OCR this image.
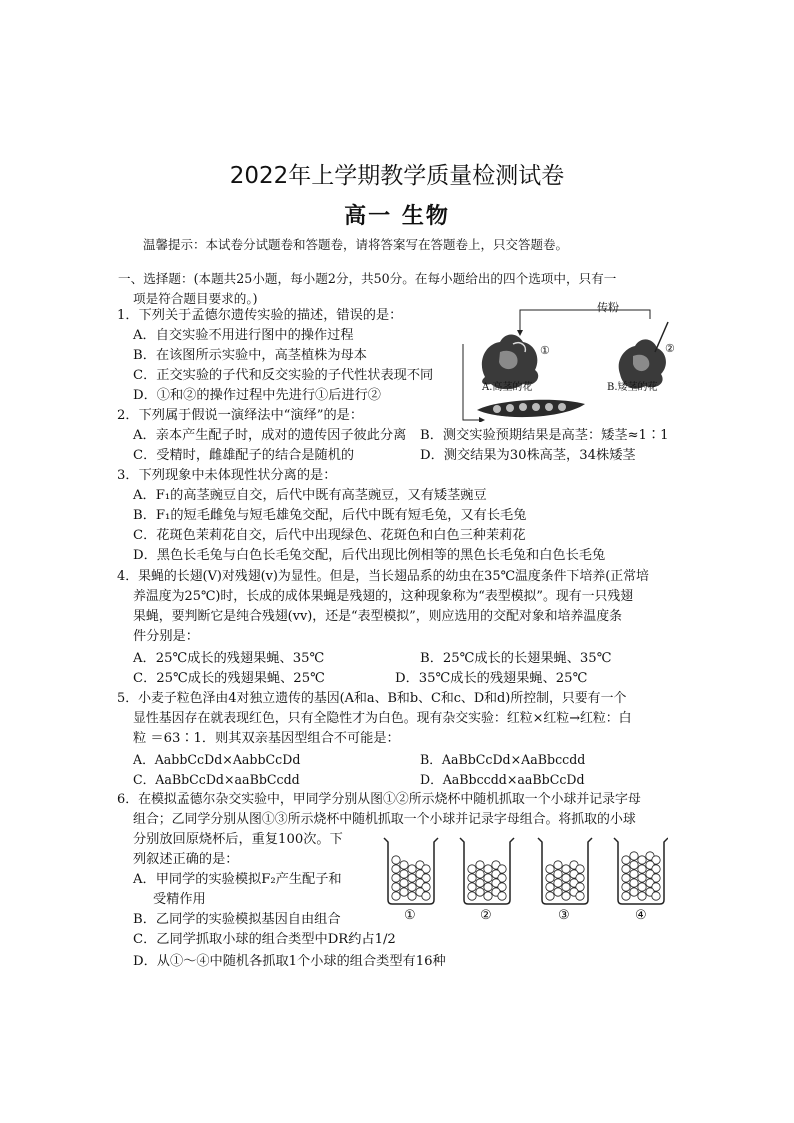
2022年上学期教学质量检测试卷
高一 生物
温馨提示：本试卷分试题卷和答题卷，请将答案写在答题卷上，只交答题卷。
一、选择题：(本题共25小题，每小题2分，共50分。在每小题给出的四个选项中，只有一
项是符合题目要求的。)
1．下列关于孟德尔遗传实验的描述，错误的是：
A．自交实验不用进行图中的操作过程
B．在该图所示实验中，高茎植株为母本
C．正交实验的子代和反交实验的子代性状表现不同
D．①和②的操作过程中先进行①后进行②
传粉
①	②
A.高茎的花	B.矮茎的花
2．下列属于假说一演绎法中“演绎”的是：
A．亲本产生配子时，成对的遗传因子彼此分离 B．测交实验预期结果是高茎：矮茎≈1∶1
C．受精时，雌雄配子的结合是随机的	D．测交结果为30株高茎，34株矮茎
3．下列现象中未体现性状分离的是：
A．F₁的高茎豌豆自交，后代中既有高茎豌豆，又有矮茎豌豆
B．F₁的短毛雌兔与短毛雄兔交配，后代中既有短毛兔，又有长毛兔
C．花斑色茉莉花自交，后代中出现绿色、花斑色和白色三种茉莉花
D．黑色长毛兔与白色长毛兔交配，后代出现比例相等的黑色长毛兔和白色长毛兔
4．果蝇的长翅(V)对残翅(v)为显性。但是，当长翅品系的幼虫在35℃温度条件下培养(正常培
养温度为25℃)时，长成的成体果蝇是残翅的，这种现象称为“表型模拟”。现有一只残翅
果蝇，要判断它是纯合残翅(vv)，还是“表型模拟”，则应选用的交配对象和培养温度条
件分别是：
A．25℃成长的残翅果蝇、35℃	B．25℃成长的长翅果蝇、35℃
C．25℃成长的残翅果蝇、25℃	D．35℃成长的残翅果蝇、25℃
5．小麦子粒色泽由4对独立遗传的基因(A和a、B和b、C和c、D和d)所控制，只要有一个
显性基因存在就表现红色，只有全隐性才为白色。现有杂交实验：红粒×红粒→红粒：白
粒 ＝63∶1．则其双亲基因型组合不可能是：
A．AabbCcDd×AabbCcDd	B．AaBbCcDd×AaBbccdd
C．AaBbCcDd×aaBbCcdd	D．AaBbccdd×aaBbCcDd
6．在模拟孟德尔杂交实验中，甲同学分别从图①②所示烧杯中随机抓取一个小球并记录字母
组合；乙同学分别从图①③所示烧杯中随机抓取一个小球并记录字母组合。将抓取的小球
分别放回原烧杯后，重复100次。下
列叙述正确的是：
A．甲同学的实验模拟F₂产生配子和
受精作用
B．乙同学的实验模拟基因自由组合
C．乙同学抓取小球的组合类型中DR约占1/2
D．从①～④中随机各抓取1个小球的组合类型有16种
①	②	③	④
